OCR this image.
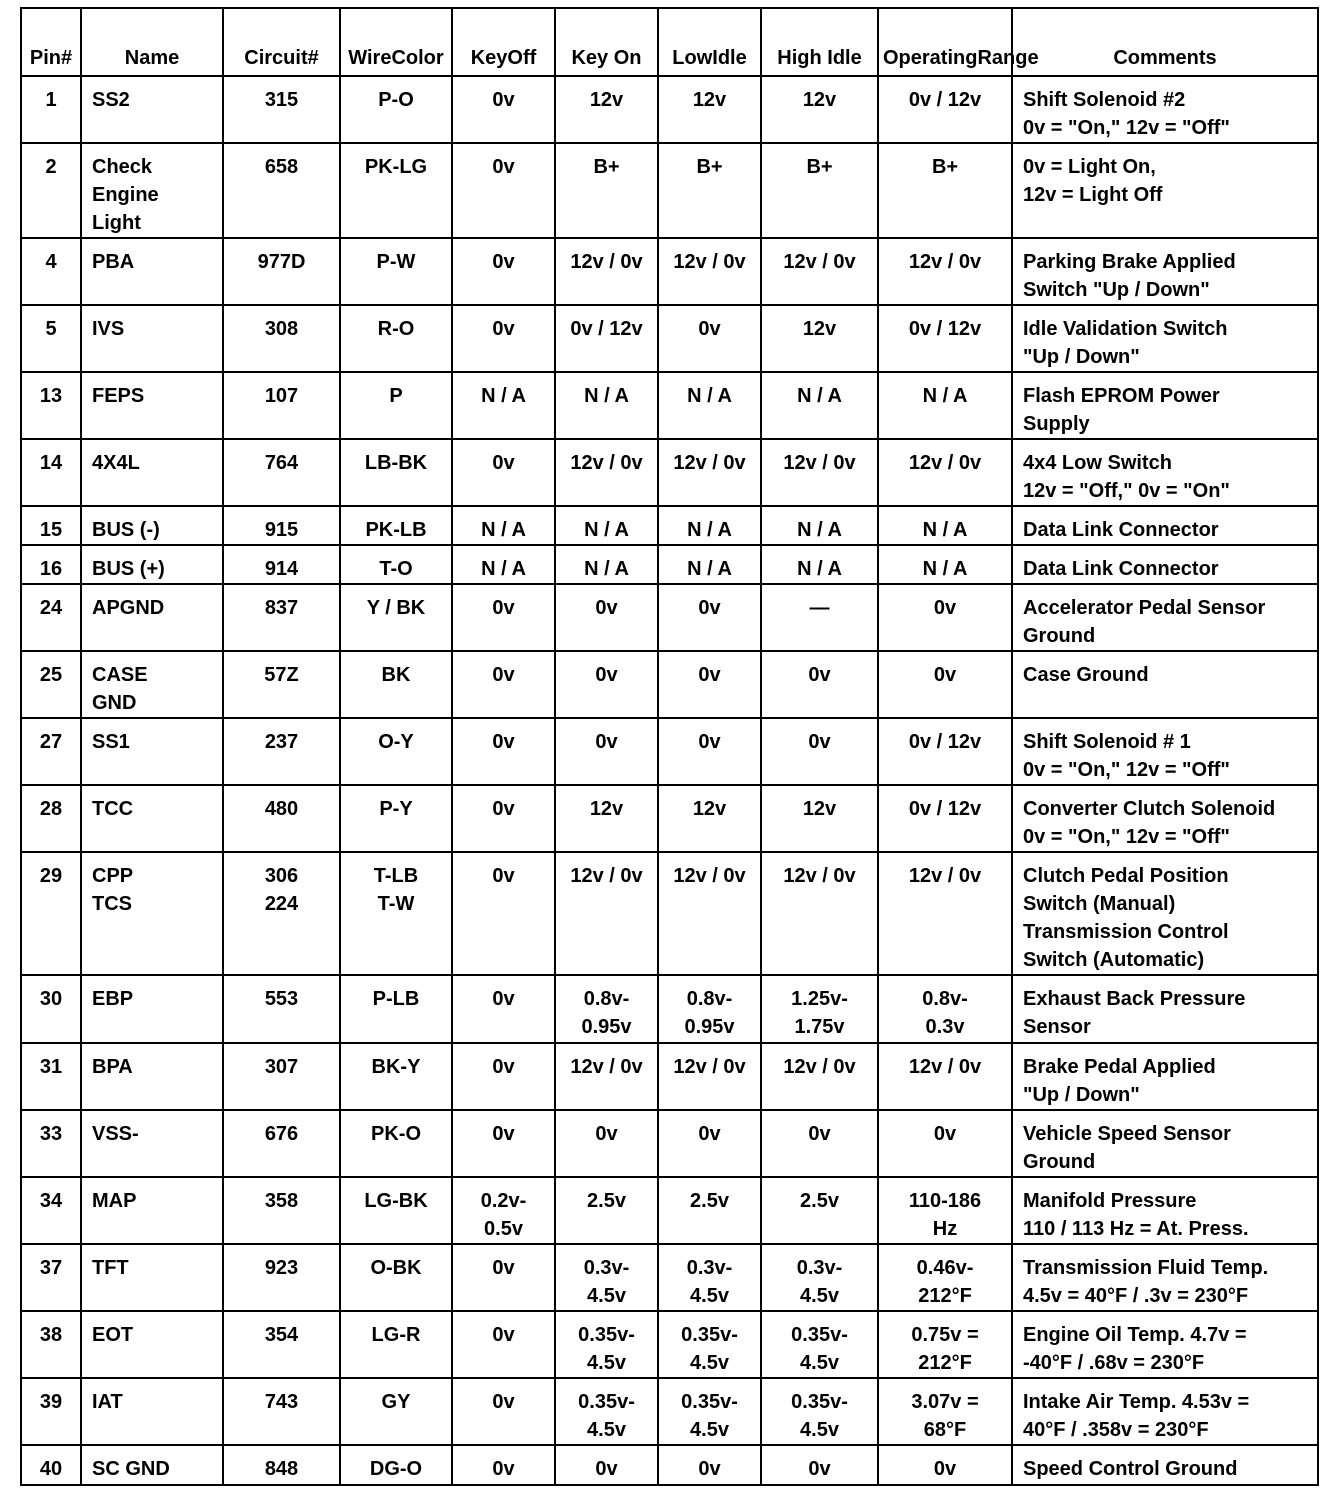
Pin#	Name	Circuit#	WireColor	KeyOff	Key On	LowIdle	High Idle	OperatingRange	Comments
1	SS2	315	P-O	0v	12v	12v	12v	0v / 12v	Shift Solenoid #2
0v = "On," 12v = "Off"

2	Check
Engine
Light	658	PK-LG	0v	B+	B+	B+	B+	0v = Light On,
12v = Light Off

4	PBA	977D	P-W	0v	12v / 0v	12v / 0v	12v / 0v	12v / 0v	Parking Brake Applied
Switch "Up / Down"

5	IVS	308	R-O	0v	0v / 12v	0v	12v	0v / 12v	Idle Validation Switch
"Up / Down"

13	FEPS	107	P	N / A	N / A	N / A	N / A	N / A	Flash EPROM Power
Supply

14	4X4L	764	LB-BK	0v	12v / 0v	12v / 0v	12v / 0v	12v / 0v	4x4 Low Switch
12v = "Off," 0v = "On"

15	BUS (-)	915	PK-LB	N / A	N / A	N / A	N / A	N / A	Data Link Connector

16	BUS (+)	914	T-O	N / A	N / A	N / A	N / A	N / A	Data Link Connector

24	APGND	837	Y / BK	0v	0v	0v	—	0v	Accelerator Pedal Sensor
Ground

25	CASE
GND	57Z	BK	0v	0v	0v	0v	0v	Case Ground

27	SS1	237	O-Y	0v	0v	0v	0v	0v / 12v	Shift Solenoid # 1
0v = "On," 12v = "Off"

28	TCC	480	P-Y	0v	12v	12v	12v	0v / 12v	Converter Clutch Solenoid
0v = "On," 12v = "Off"

29	CPP
TCS	306
224	T-LB
T-W	0v	12v / 0v	12v / 0v	12v / 0v	12v / 0v	Clutch Pedal Position
Switch (Manual)
Transmission Control
Switch (Automatic)

30	EBP	553	P-LB	0v	0.8v-
0.95v	0.8v-
0.95v	1.25v-
1.75v	0.8v-
0.3v	Exhaust Back Pressure
Sensor

31	BPA	307	BK-Y	0v	12v / 0v	12v / 0v	12v / 0v	12v / 0v	Brake Pedal Applied
"Up / Down"

33	VSS-	676	PK-O	0v	0v	0v	0v	0v	Vehicle Speed Sensor
Ground

34	MAP	358	LG-BK	0.2v-
0.5v	2.5v	2.5v	2.5v	110-186
Hz	Manifold Pressure
110 / 113 Hz = At. Press.

37	TFT	923	O-BK	0v	0.3v-
4.5v	0.3v-
4.5v	0.3v-
4.5v	0.46v-
212°F	Transmission Fluid Temp.
4.5v = 40°F / .3v = 230°F

38	EOT	354	LG-R	0v	0.35v-
4.5v	0.35v-
4.5v	0.35v-
4.5v	0.75v =
212°F	Engine Oil Temp. 4.7v =
-40°F / .68v = 230°F

39	IAT	743	GY	0v	0.35v-
4.5v	0.35v-
4.5v	0.35v-
4.5v	3.07v =
68°F	Intake Air Temp. 4.53v =
40°F / .358v = 230°F

40	SC GND	848	DG-O	0v	0v	0v	0v	0v	Speed Control Ground
